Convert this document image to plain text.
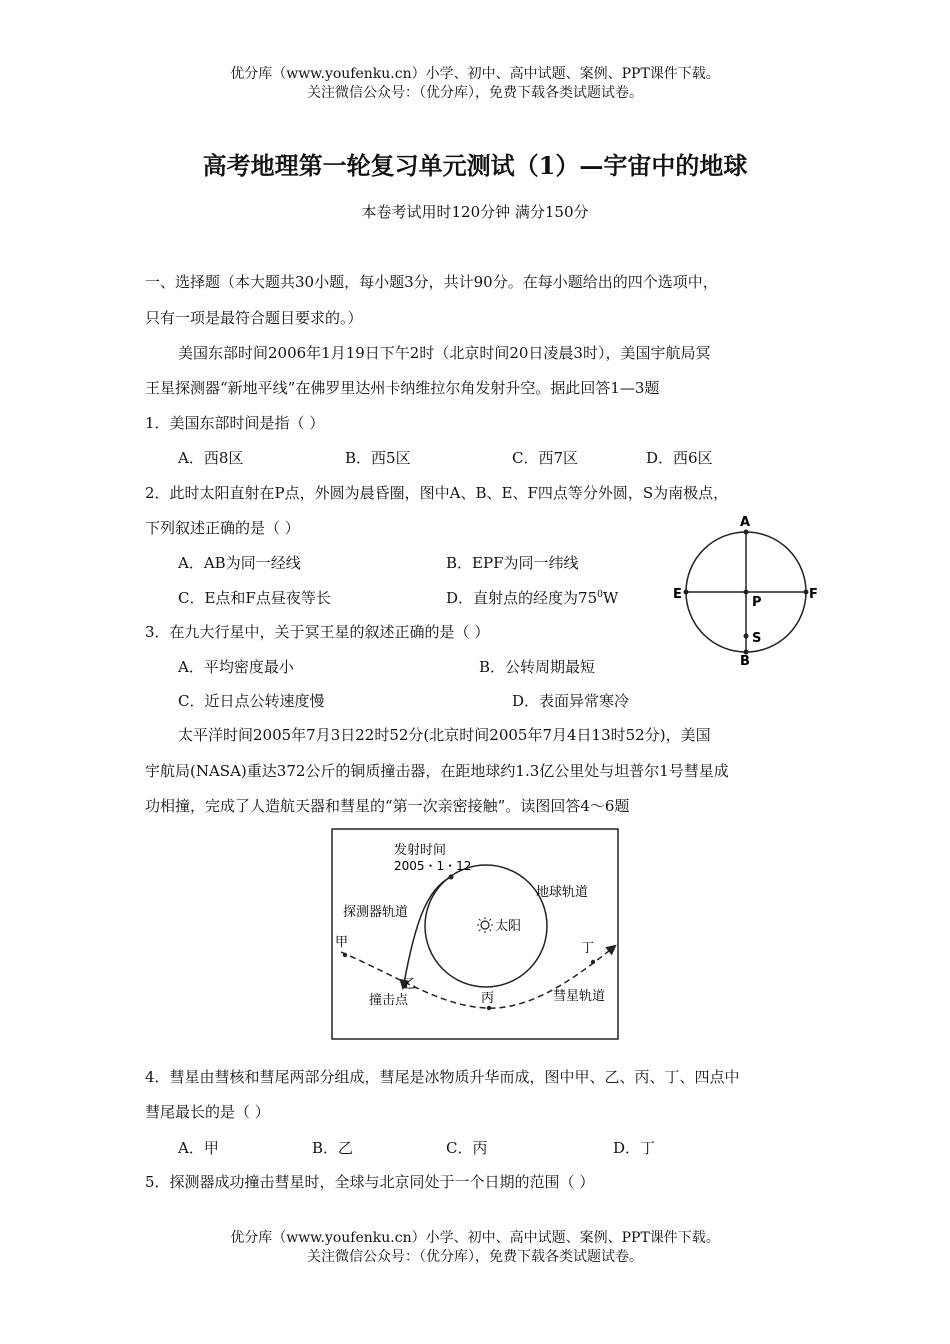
优分库（www.youfenku.cn）小学、初中、高中试题、案例、PPT课件下载。
关注微信公众号：（优分库），免费下载各类试题试卷。
高考地理第一轮复习单元测试（1）—宇宙中的地球
本卷考试用时120分钟 满分150分
一、选择题（本大题共30小题，每小题3分，共计90分。在每小题给出的四个选项中，
只有一项是最符合题目要求的。）
美国东部时间2006年1月19日下午2时（北京时间20日凌晨3时），美国宇航局冥
王星探测器“新地平线”在佛罗里达州卡纳维拉尔角发射升空。据此回答1—3题
1．美国东部时间是指（ ）
A．西8区	B．西5区	C．西7区	D．西6区
2．此时太阳直射在P点，外圆为晨昏圈，图中A、B、E、F四点等分外圆，S为南极点，
下列叙述正确的是（ ）
A．AB为同一经线	B．EPF为同一纬线
C．E点和F点昼夜等长	D．直射点的经度为$75^0W$
A
B
E	F
P
S
3．在九大行星中，关于冥王星的叙述正确的是（ ）
A．平均密度最小	B．公转周期最短
C．近日点公转速度慢	D．表面异常寒冷
太平洋时间2005年7月3日22时52分(北京时间2005年7月4日13时52分)，美国
宇航局(NASA)重达372公斤的铜质撞击器，在距地球约1.3亿公里处与坦普尔1号彗星成
功相撞，完成了人造航天器和彗星的“第一次亲密接触”。读图回答4～6题
太阳
发射时间
2005・1・12
探测器轨道
地球轨道
甲
乙
撞击点	丙
丁
彗星轨道
4．彗星由彗核和彗尾两部分组成，彗尾是冰物质升华而成，图中甲、乙、丙、丁、四点中
彗尾最长的是（ ）
A．甲	B．乙	C．丙	D．丁
5．探测器成功撞击彗星时，全球与北京同处于一个日期的范围（ ）
优分库（www.youfenku.cn）小学、初中、高中试题、案例、PPT课件下载。
关注微信公众号：（优分库），免费下载各类试题试卷。
